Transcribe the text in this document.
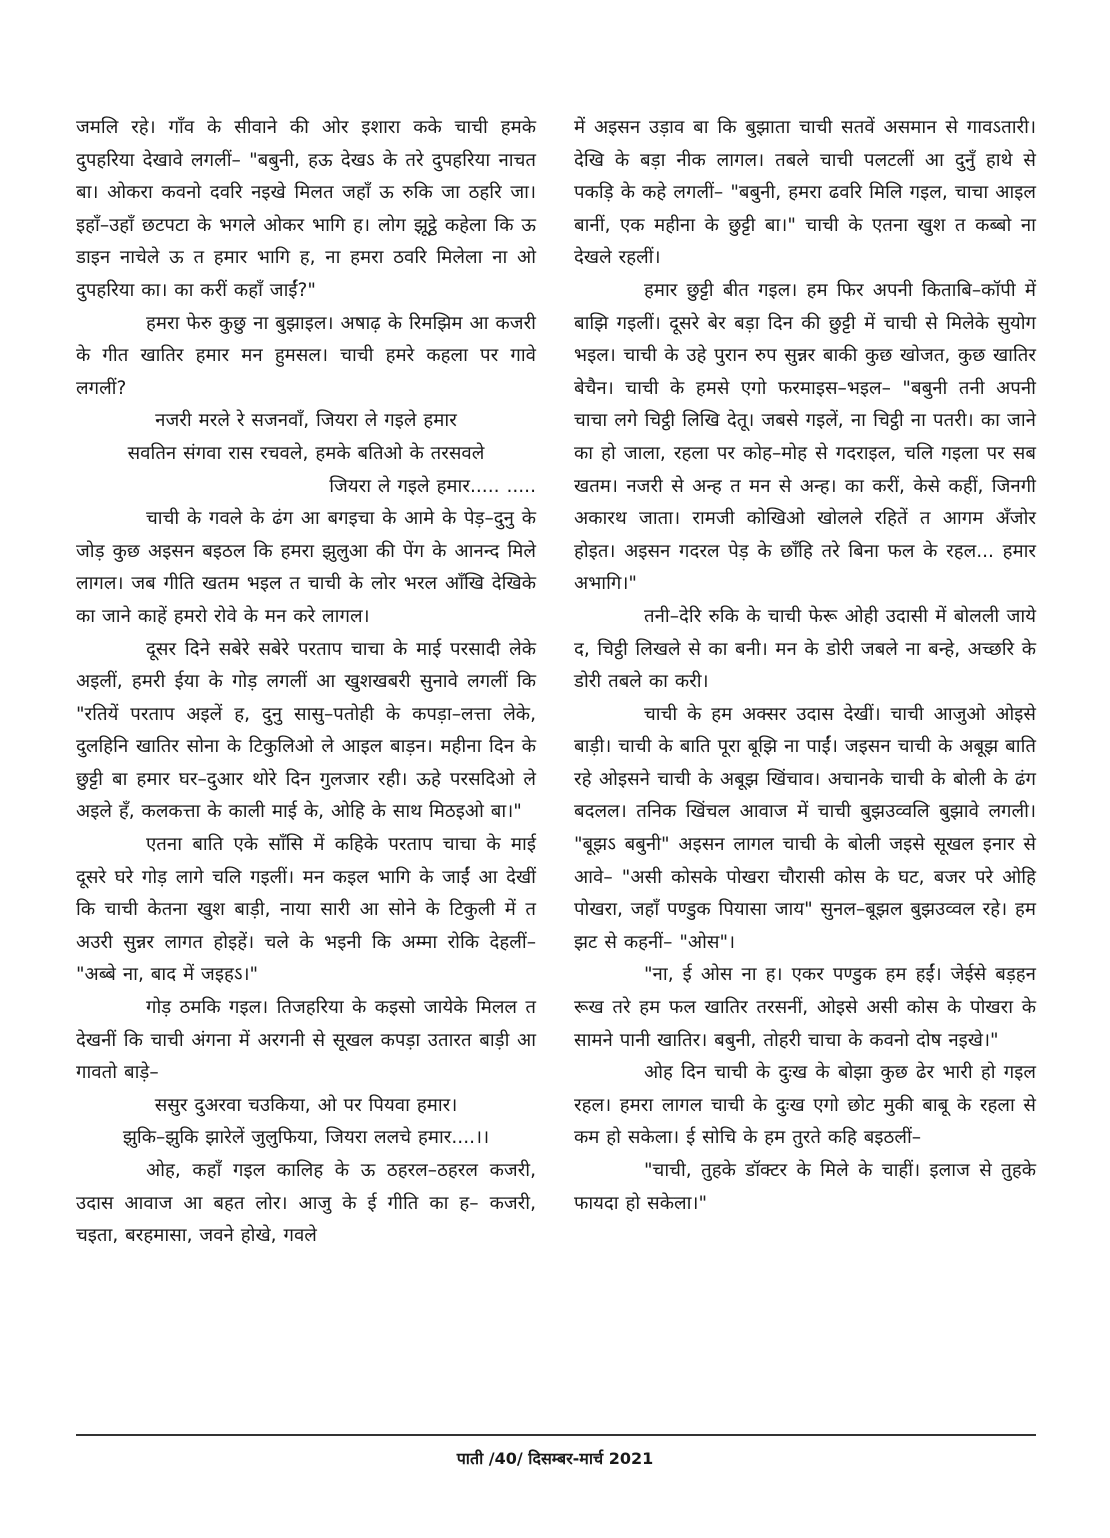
जमलि रहे। गाँव के सीवाने की ओर इशारा कके चाची हमके दुपहरिया देखावे लगलीं– "बबुनी, हऊ देखऽ के तरे दुपहरिया नाचत बा। ओकरा कवनो दवरि नइखे मिलत जहाँ ऊ रुकि जा ठहरि जा। इहाँ–उहाँ छटपटा के भगले ओकर भागि ह। लोग झूट्ठे कहेला कि ऊ डाइन नाचेले ऊ त हमार भागि ह, ना हमरा ठवरि मिलेला ना ओ दुपहरिया का। का करीं कहाँ जाईं?"

हमरा फेरु कुछु ना बुझाइल। अषाढ़ के रिमझिम आ कजरी के गीत खातिर हमार मन हुमसल। चाची हमरे कहला पर गावे लगलीं?

नजरी मरले रे सजनवाँ, जियरा ले गइले हमार

सवतिन संगवा रास रचवले, हमके बतिओ के तरसवले

जियरा ले गइले हमार..... .....

चाची के गवले के ढंग आ बगइचा के आमे के पेड़–दुनु के जोड़ कुछ अइसन बइठल कि हमरा झुलुआ की पेंग के आनन्द मिले लागल। जब गीति खतम भइल त चाची के लोर भरल आँखि देखिके का जाने काहें हमरो रोवे के मन करे लागल।

दूसर दिने सबेरे सबेरे परताप चाचा के माई परसादी लेके अइलीं, हमरी ईया के गोड़ लगलीं आ खुशखबरी सुनावे लगलीं कि "रतियें परताप अइलें ह, दुनु सासु–पतोही के कपड़ा–लत्ता लेके, दुलहिनि खातिर सोना के टिकुलिओ ले आइल बाड़न। महीना दिन के छुट्टी बा हमार घर–दुआर थोरे दिन गुलजार रही। ऊहे परसदिओ ले अइले हँ, कलकत्ता के काली माई के, ओहि के साथ मिठइओ बा।"

एतना बाति एके साँसि में कहिके परताप चाचा के माई दूसरे घरे गोड़ लागे चलि गइलीं। मन कइल भागि के जाईं आ देखीं कि चाची केतना खुश बाड़ी, नाया सारी आ सोने के टिकुली में त अउरी सुन्नर लागत होइहें। चले के भइनी कि अम्मा रोकि देहलीं– "अब्बे ना, बाद में जइहऽ।"

गोड़ ठमकि गइल। तिजहरिया के कइसो जायेके मिलल त देखनीं कि चाची अंगना में अरगनी से सूखल कपड़ा उतारत बाड़ी आ गावतो बाड़े–

ससुर दुअरवा चउकिया, ओ पर पियवा हमार।

झुकि–झुकि झारेलें जुलुफिया, जियरा ललचे हमार....।।

ओह, कहाँ गइल कालिह के ऊ ठहरल–ठहरल कजरी, उदास आवाज आ बहत लोर। आजु के ई गीति का ह– कजरी, चइता, बरहमासा, जवने होखे, गवले

में अइसन उड़ाव बा कि बुझाता चाची सतवें असमान से गावऽतारी। देखि के बड़ा नीक लागल। तबले चाची पलटलीं आ दुनुँ हाथे से पकड़ि के कहे लगलीं– "बबुनी, हमरा ढवरि मिलि गइल, चाचा आइल बानीं, एक महीना के छुट्टी बा।" चाची के एतना खुश त कब्बो ना देखले रहलीं।

हमार छुट्टी बीत गइल। हम फिर अपनी किताबि–कॉपी में बाझि गइलीं। दूसरे बेर बड़ा दिन की छुट्टी में चाची से मिलेके सुयोग भइल। चाची के उहे पुरान रुप सुन्नर बाकी कुछ खोजत, कुछ खातिर बेचैन। चाची के हमसे एगो फरमाइस–भइल– "बबुनी तनी अपनी चाचा लगे चिट्ठी लिखि देतू। जबसे गइलें, ना चिट्ठी ना पतरी। का जाने का हो जाला, रहला पर कोह–मोह से गदराइल, चलि गइला पर सब खतम। नजरी से अन्ह त मन से अन्ह। का करीं, केसे कहीं, जिनगी अकारथ जाता। रामजी कोखिओ खोलले रहितें त आगम अँजोर होइत। अइसन गदरल पेड़ के छाँहि तरे बिना फल के रहल... हमार अभागि।"

तनी–देरि रुकि के चाची फेरू ओही उदासी में बोलली जाये द, चिट्ठी लिखले से का बनी। मन के डोरी जबले ना बन्हे, अच्छरि के डोरी तबले का करी।

चाची के हम अक्सर उदास देखीं। चाची आजुओ ओइसे बाड़ी। चाची के बाति पूरा बूझि ना पाईं। जइसन चाची के अबूझ बाति रहे ओइसने चाची के अबूझ खिंचाव। अचानके चाची के बोली के ढंग बदलल। तनिक खिंचल आवाज में चाची बुझउव्वलि बुझावे लगली। "बूझऽ बबुनी" अइसन लागल चाची के बोली जइसे सूखल इनार से आवे– "असी कोसके पोखरा चौरासी कोस के घट, बजर परे ओहि पोखरा, जहाँ पण्डुक पियासा जाय" सुनल–बूझल बुझउव्वल रहे। हम झट से कहनीं– "ओस"।

"ना, ई ओस ना ह। एकर पण्डुक हम हईं। जेईसे बड़हन रूख तरे हम फल खातिर तरसनीं, ओइसे असी कोस के पोखरा के सामने पानी खातिर। बबुनी, तोहरी चाचा के कवनो दोष नइखे।"

ओह दिन चाची के दुःख के बोझा कुछ ढेर भारी हो गइल रहल। हमरा लागल चाची के दुःख एगो छोट मुकी बाबू के रहला से कम हो सकेला। ई सोचि के हम तुरते कहि बइठलीं–

"चाची, तुहके डॉक्टर के मिले के चाहीं। इलाज से तुहके फायदा हो सकेला।"

पाती /40/ दिसम्बर-मार्च 2021
